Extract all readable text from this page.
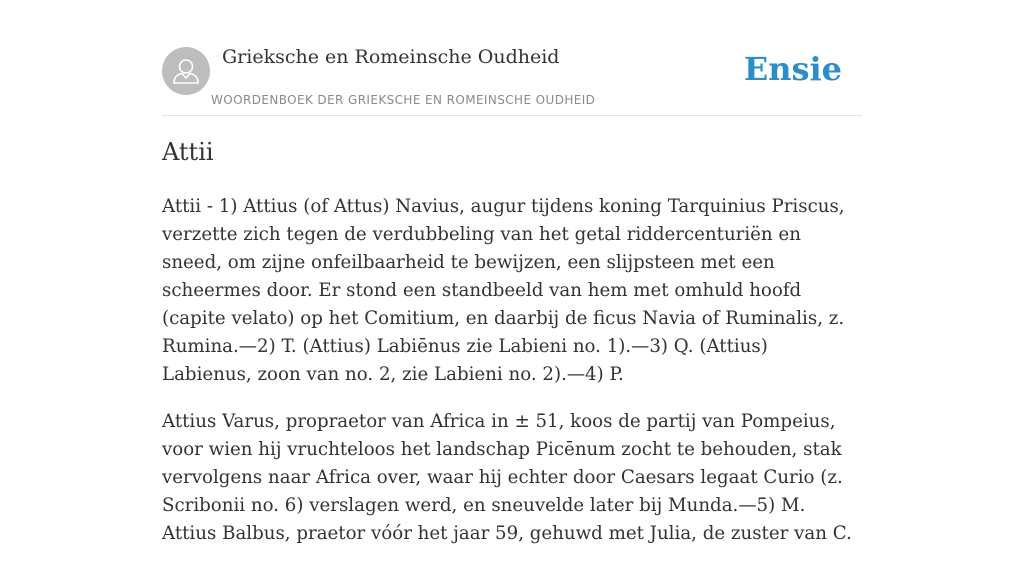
Grieksche en Romeinsche Oudheid
WOORDENBOEK DER GRIEKSCHE EN ROMEINSCHE OUDHEID
Ensie
Attii

Attii - 1) Attius (of Attus) Navius, augur tijdens koning Tarquinius Priscus, verzette zich tegen de verdubbeling van het getal riddercenturiën en sneed, om zijne onfeilbaarheid te bewijzen, een slijpsteen met een scheermes door. Er stond een standbeeld van hem met omhuld hoofd (capite velato) op het Comitium, en daarbij de ficus Navia of Ruminalis, z. Rumina.—2) T. (Attius) Labiēnus zie Labieni no. 1).—3) Q. (Attius) Labienus, zoon van no. 2, zie Labieni no. 2).—4) P.

Attius Varus, propraetor van Africa in ± 51, koos de partij van Pompeius, voor wien hij vruchteloos het landschap Picēnum zocht te behouden, stak vervolgens naar Africa over, waar hij echter door Caesars legaat Curio (z. Scribonii no. 6) verslagen werd, en sneuvelde later bij Munda.—5) M. Attius Balbus, praetor vóór het jaar 59, gehuwd met Julia, de zuster van C.
